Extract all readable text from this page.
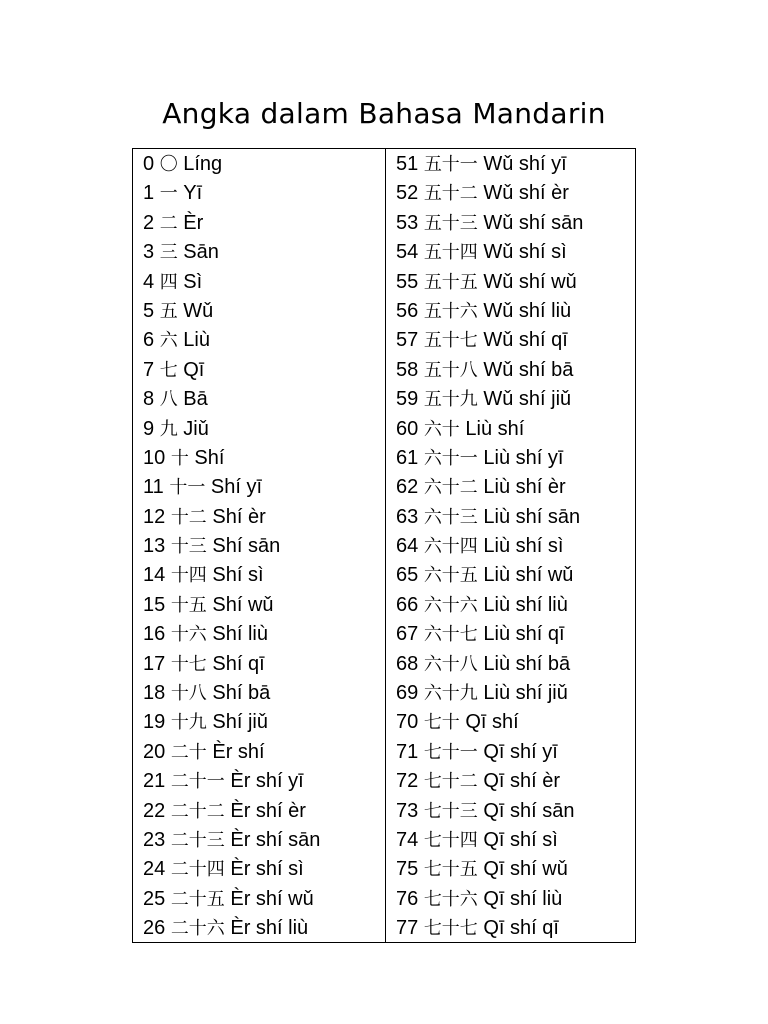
Angka dalam Bahasa Mandarin
0 〇 Líng
1 一 Yī
2 二 Èr
3 三 Sān
4 四 Sì
5 五 Wǔ
6 六 Liù
7 七 Qī
8 八 Bā
9 九 Jiǔ
10 十 Shí
11 十一 Shí yī
12 十二 Shí èr
13 十三 Shí sān
14 十四 Shí sì
15 十五 Shí wǔ
16 十六 Shí liù
17 十七 Shí qī
18 十八 Shí bā
19 十九 Shí jiǔ
20 二十 Èr shí
21 二十一 Èr shí yī
22 二十二 Èr shí èr
23 二十三 Èr shí sān
24 二十四 Èr shí sì
25 二十五 Èr shí wǔ
26 二十六 Èr shí liù
51 五十一 Wǔ shí yī
52 五十二 Wǔ shí èr
53 五十三 Wǔ shí sān
54 五十四 Wǔ shí sì
55 五十五 Wǔ shí wǔ
56 五十六 Wǔ shí liù
57 五十七 Wǔ shí qī
58 五十八 Wǔ shí bā
59 五十九 Wǔ shí jiǔ
60 六十 Liù shí
61 六十一 Liù shí yī
62 六十二 Liù shí èr
63 六十三 Liù shí sān
64 六十四 Liù shí sì
65 六十五 Liù shí wǔ
66 六十六 Liù shí liù
67 六十七 Liù shí qī
68 六十八 Liù shí bā
69 六十九 Liù shí jiǔ
70 七十 Qī shí
71 七十一 Qī shí yī
72 七十二 Qī shí èr
73 七十三 Qī shí sān
74 七十四 Qī shí sì
75 七十五 Qī shí wǔ
76 七十六 Qī shí liù
77 七十七 Qī shí qī
